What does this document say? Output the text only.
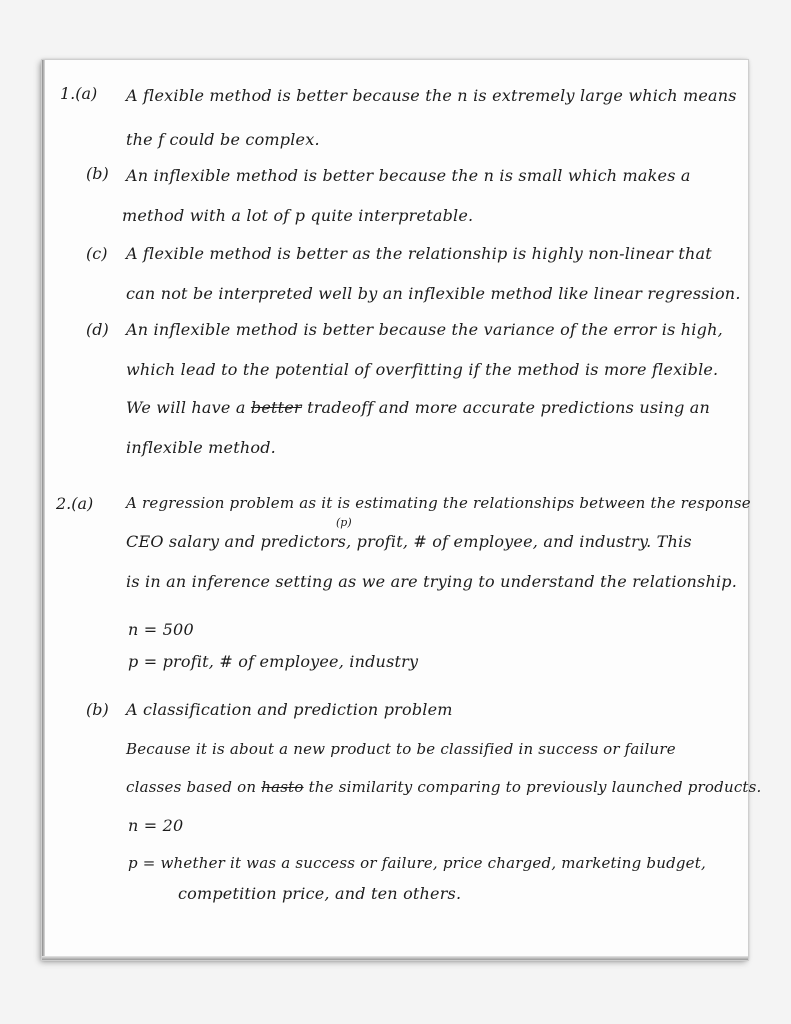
1.(a) A flexible method is better because the n is extremely large which means
the f could be complex.
(b) An inflexible method is better because the n is small which makes a
method with a lot of p quite interpretable.
(c) A flexible method is better as the relationship is highly non-linear that
can not be interpreted well by an inflexible method like linear regression.
(d) An inflexible method is better because the variance of the error is high,
which lead to the potential of overfitting if the method is more flexible.
We will have a better tradeoff and more accurate predictions using an
inflexible method.
2.(a) A regression problem as it is estimating the relationships between the response
(p)
CEO salary and predictors, profit, # of employee, and industry. This
is in an inference setting as we are trying to understand the relationship.
n = 500
p = profit, # of employee, industry
(b) A classification and prediction problem
Because it is about a new product to be classified in success or failure
classes based on hasto the similarity comparing to previously launched products.
n = 20
p = whether it was a success or failure, price charged, marketing budget,
competition price, and ten others.
